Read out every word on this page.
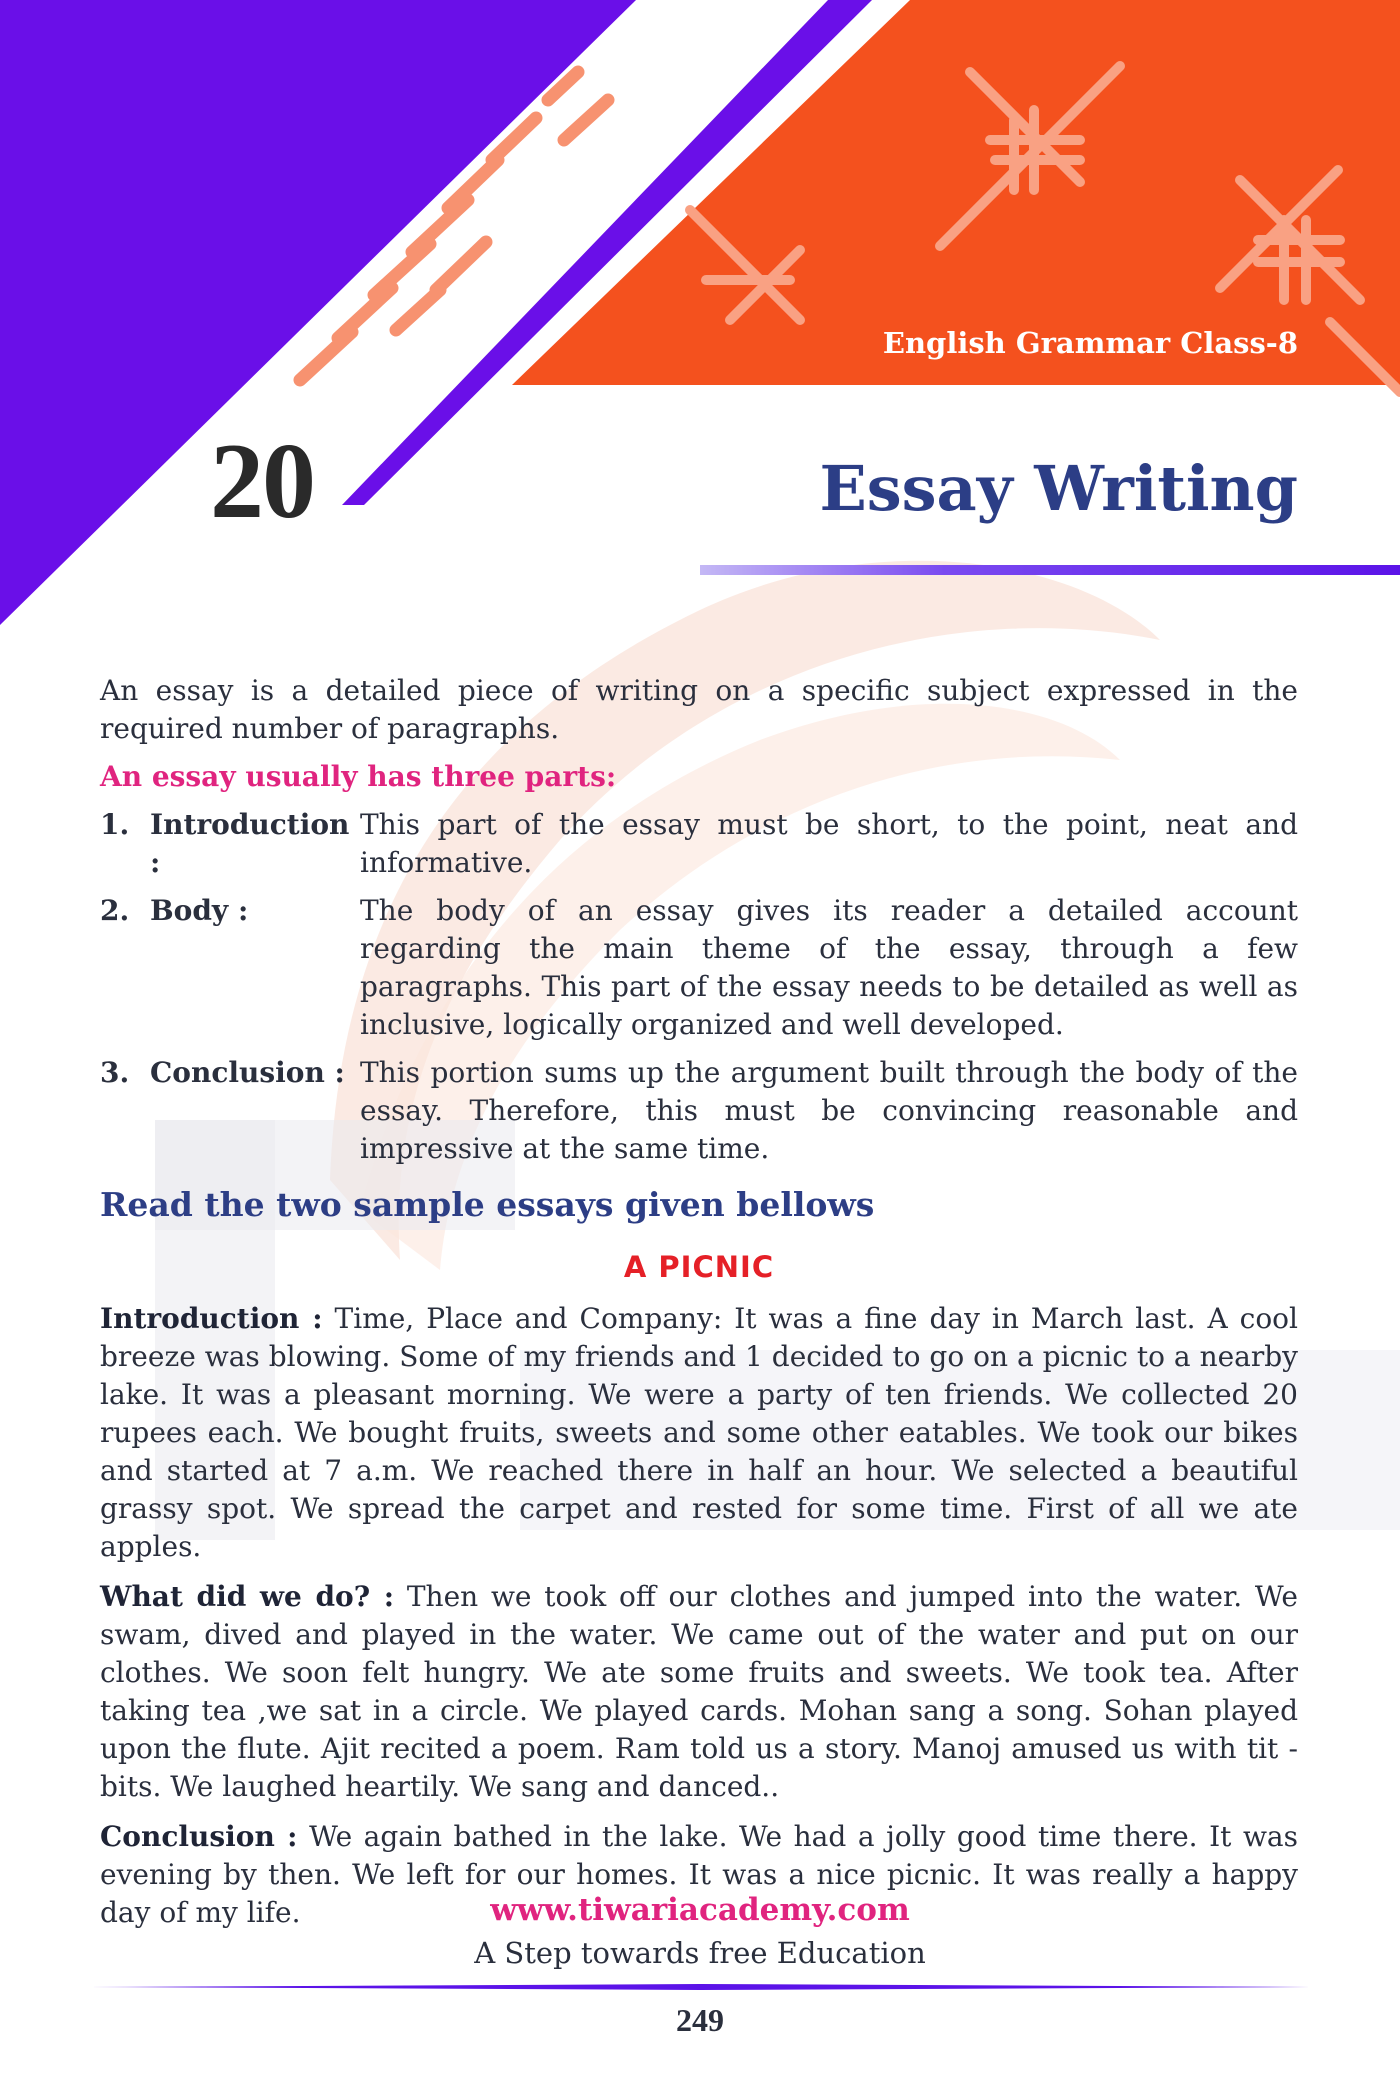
English Grammar Class-8
20	Essay Writing

An essay is a detailed piece of writing on a specific subject expressed in the required number of paragraphs.

An essay usually has three parts:

1. Introduction :
This part of the essay must be short, to the point, neat and informative.
2. Body :	The body of an essay gives its reader a detailed account regarding the main theme of the essay, through a few paragraphs. This part of the essay needs to be detailed as well as inclusive, logically organized and well developed.
3. Conclusion : This portion sums up the argument built through the body of the essay. Therefore, this must be convincing reasonable and impressive at the same time.

Read the two sample essays given bellows

A PICNIC

Introduction : Time, Place and Company: It was a fine day in March last. A cool breeze was blowing. Some of my friends and 1 decided to go on a picnic to a nearby lake. It was a pleasant morning. We were a party of ten friends. We collected 20 rupees each. We bought fruits, sweets and some other eatables. We took our bikes and started at 7 a.m. We reached there in half an hour. We selected a beautiful grassy spot. We spread the carpet and rested for some time. First of all we ate apples.

What did we do? : Then we took off our clothes and jumped into the water. We swam, dived and played in the water. We came out of the water and put on our clothes. We soon felt hungry. We ate some fruits and sweets. We took tea. After taking tea ,we sat in a circle. We played cards. Mohan sang a song. Sohan played upon the flute. Ajit recited a poem. Ram told us a story. Manoj amused us with tit - bits. We laughed heartily. We sang and danced..

Conclusion : We again bathed in the lake. We had a jolly good time there. It was evening by then. We left for our homes. It was a nice picnic. It was really a happy day of my life.	www.tiwariacademy.com
A Step towards free Education
249
